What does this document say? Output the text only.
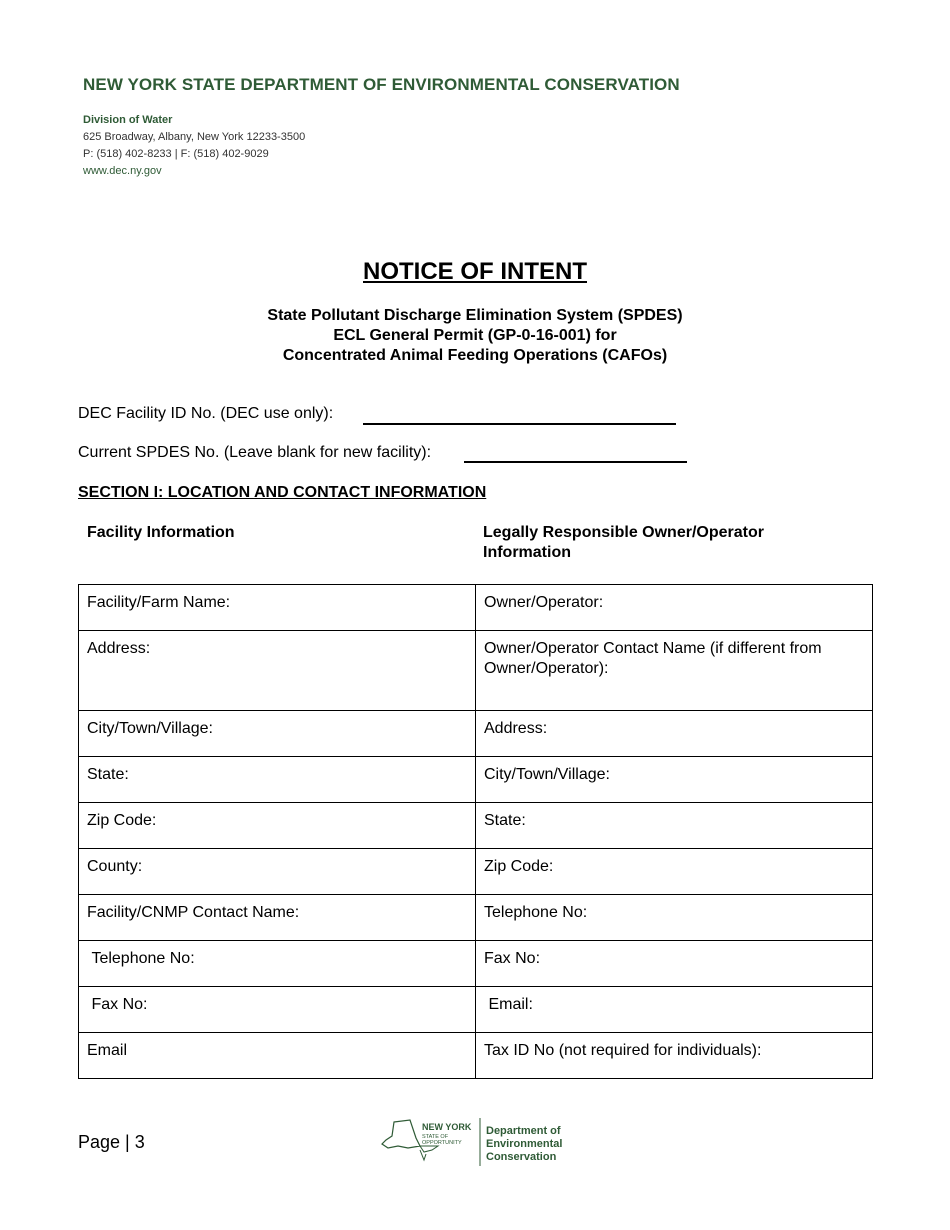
NEW YORK STATE DEPARTMENT OF ENVIRONMENTAL CONSERVATION
Division of Water
625 Broadway, Albany, New York 12233-3500
P: (518) 402-8233 | F: (518) 402-9029
www.dec.ny.gov
NOTICE OF INTENT
State Pollutant Discharge Elimination System (SPDES)
ECL General Permit (GP-0-16-001) for
Concentrated Animal Feeding Operations (CAFOs)
DEC Facility ID No. (DEC use only):
Current SPDES No. (Leave blank for new facility):
SECTION I: LOCATION AND CONTACT INFORMATION
Facility Information	Legally Responsible Owner/Operator
Information
Facility/Farm Name:	Owner/Operator:
Address:	Owner/Operator Contact Name (if different from Owner/Operator):
City/Town/Village:	Address:
State:	City/Town/Village:
Zip Code:	State:
County:	Zip Code:
Facility/CNMP Contact Name:	Telephone No:
Telephone No:	Fax No:
Fax No:	Email:
Email	Tax ID No (not required for individuals):
Page | 3
NEW YORK
STATE OF
OPPORTUNITY
Department of
Environmental
Conservation
